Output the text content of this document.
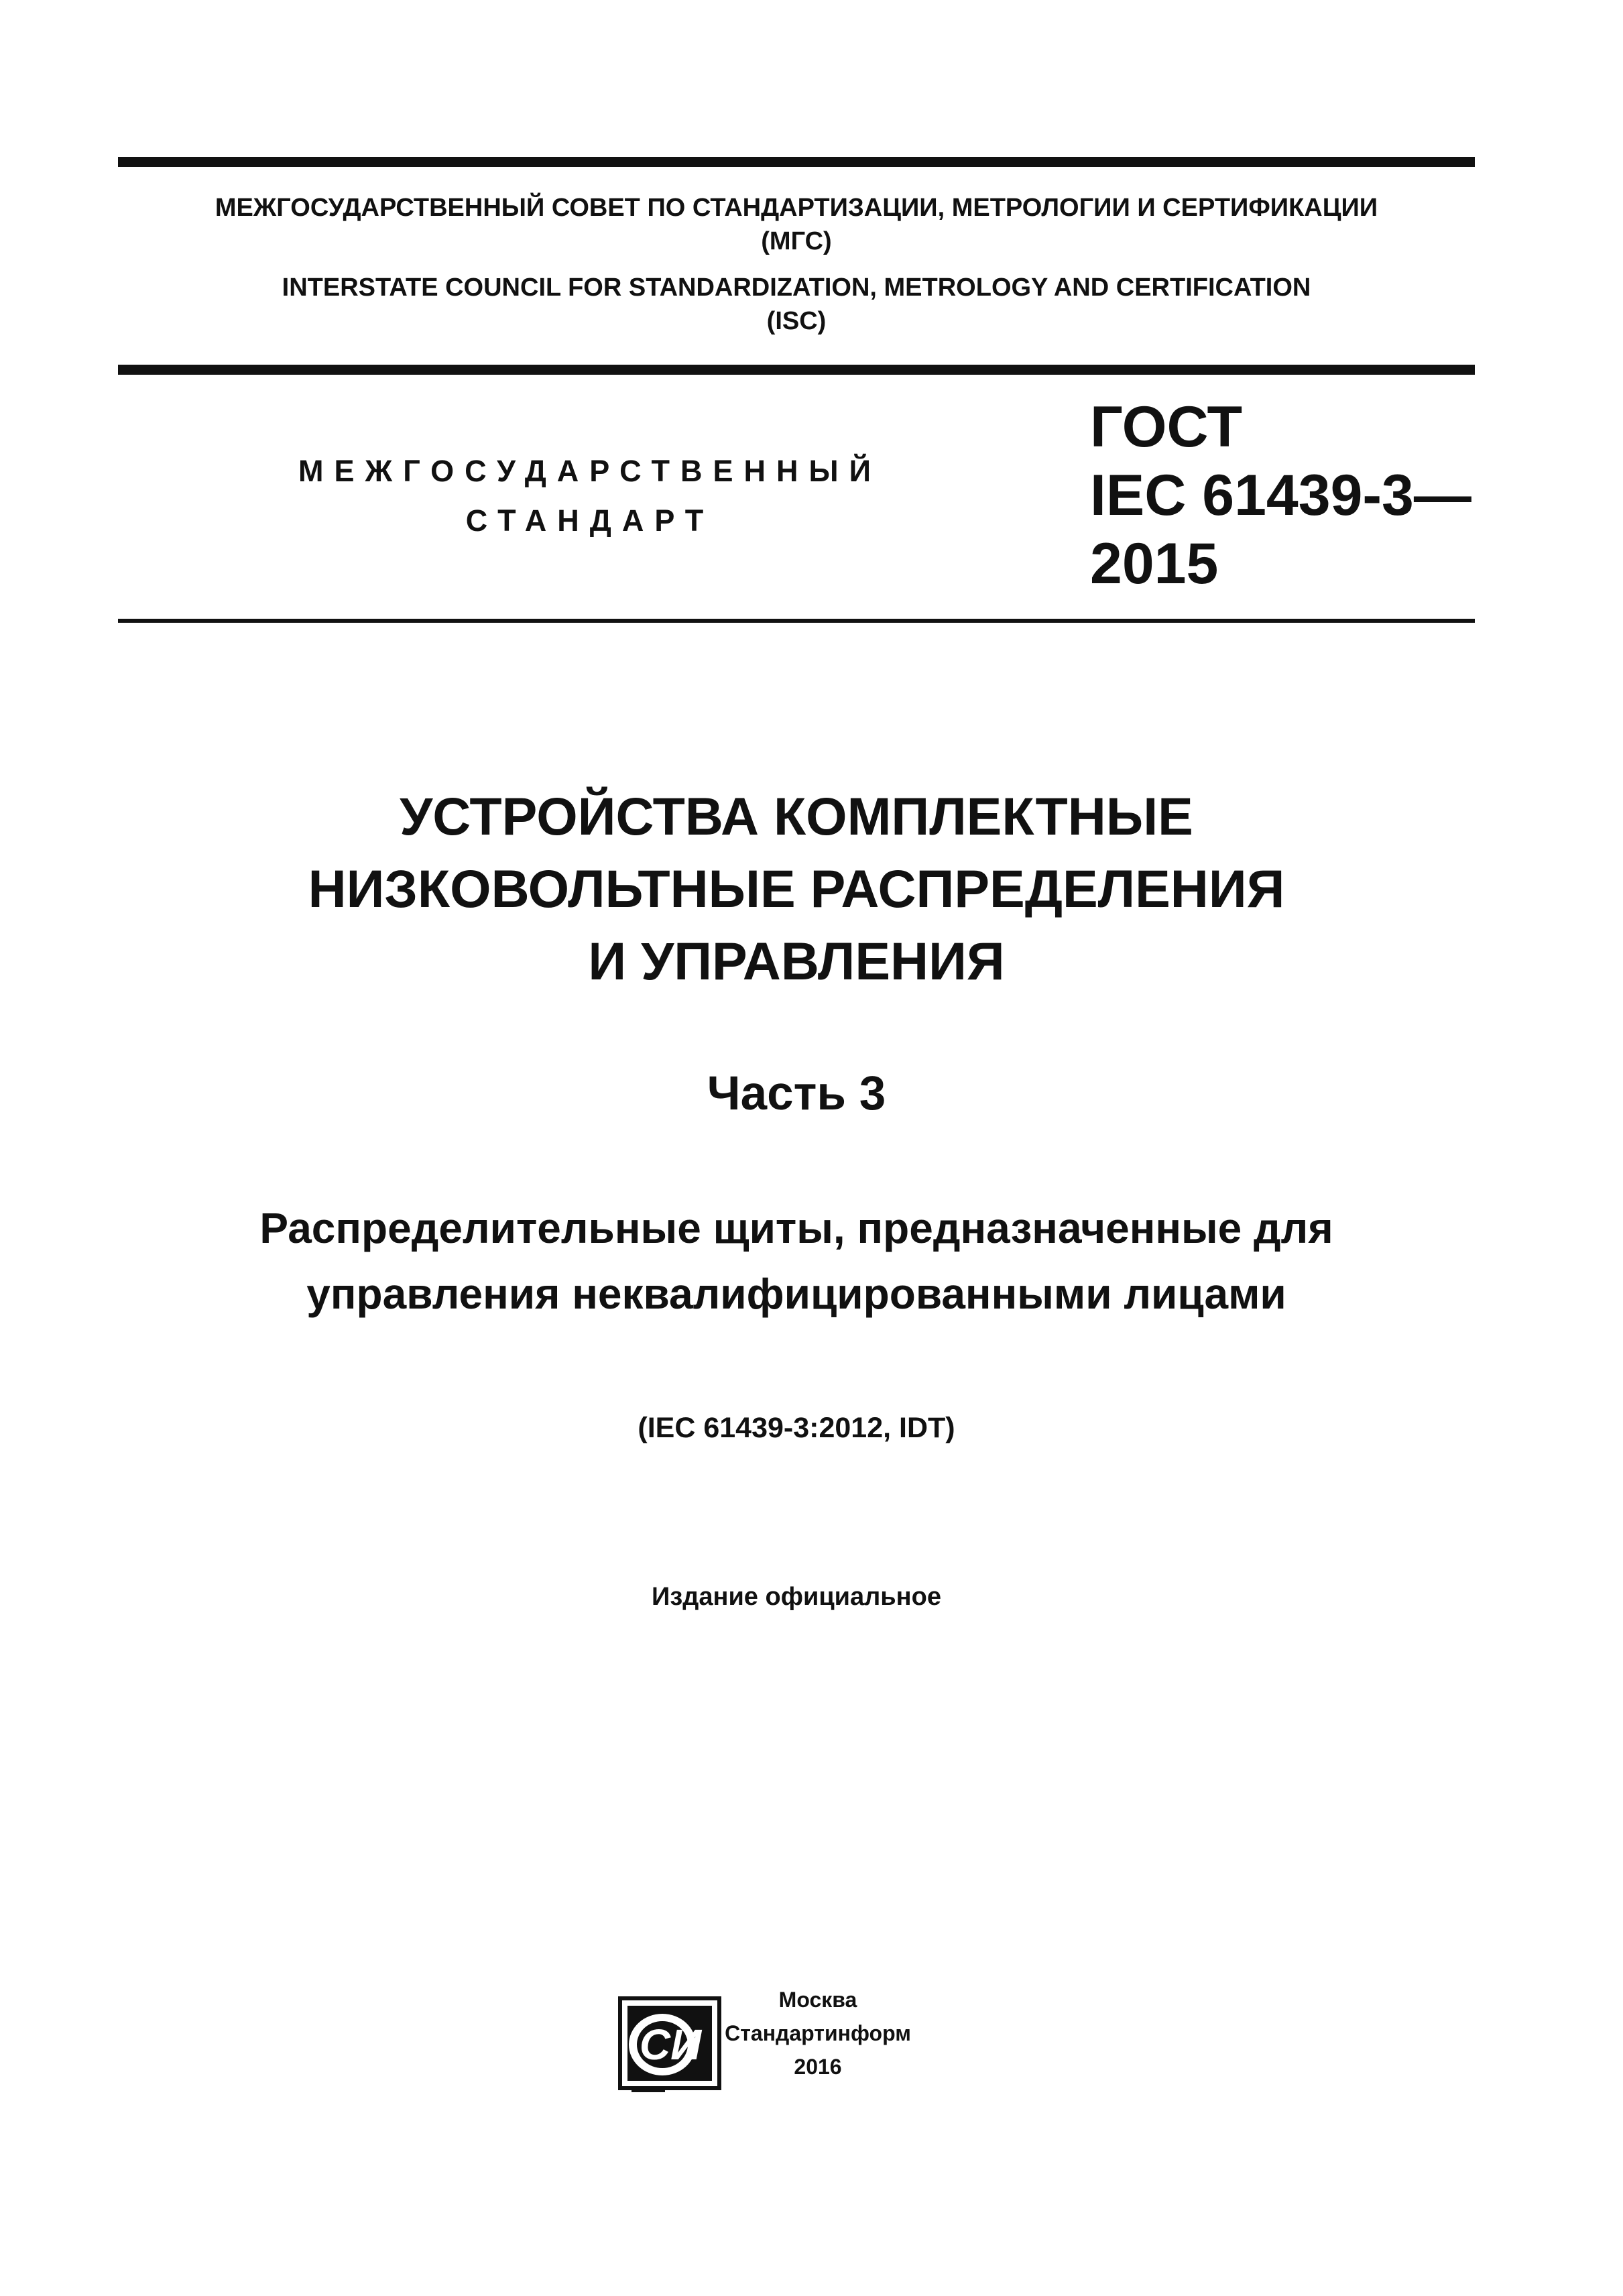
МЕЖГОСУДАРСТВЕННЫЙ СОВЕТ ПО СТАНДАРТИЗАЦИИ, МЕТРОЛОГИИ И СЕРТИФИКАЦИИ
(МГС)
INTERSTATE COUNCIL FOR STANDARDIZATION, METROLOGY AND CERTIFICATION
(ISC)
МЕЖГОСУДАРСТВЕННЫЙ
СТАНДАРТ
ГОСТ
IEC 61439-3—
2015
УСТРОЙСТВА КОМПЛЕКТНЫЕ
НИЗКОВОЛЬТНЫЕ РАСПРЕДЕЛЕНИЯ
И УПРАВЛЕНИЯ
Часть 3
Распределительные щиты, предназначенные для
управления неквалифицированными лицами
(IEC 61439-3:2012, IDT)
Издание официальное
СИ
Москва
Стандартинформ
2016
